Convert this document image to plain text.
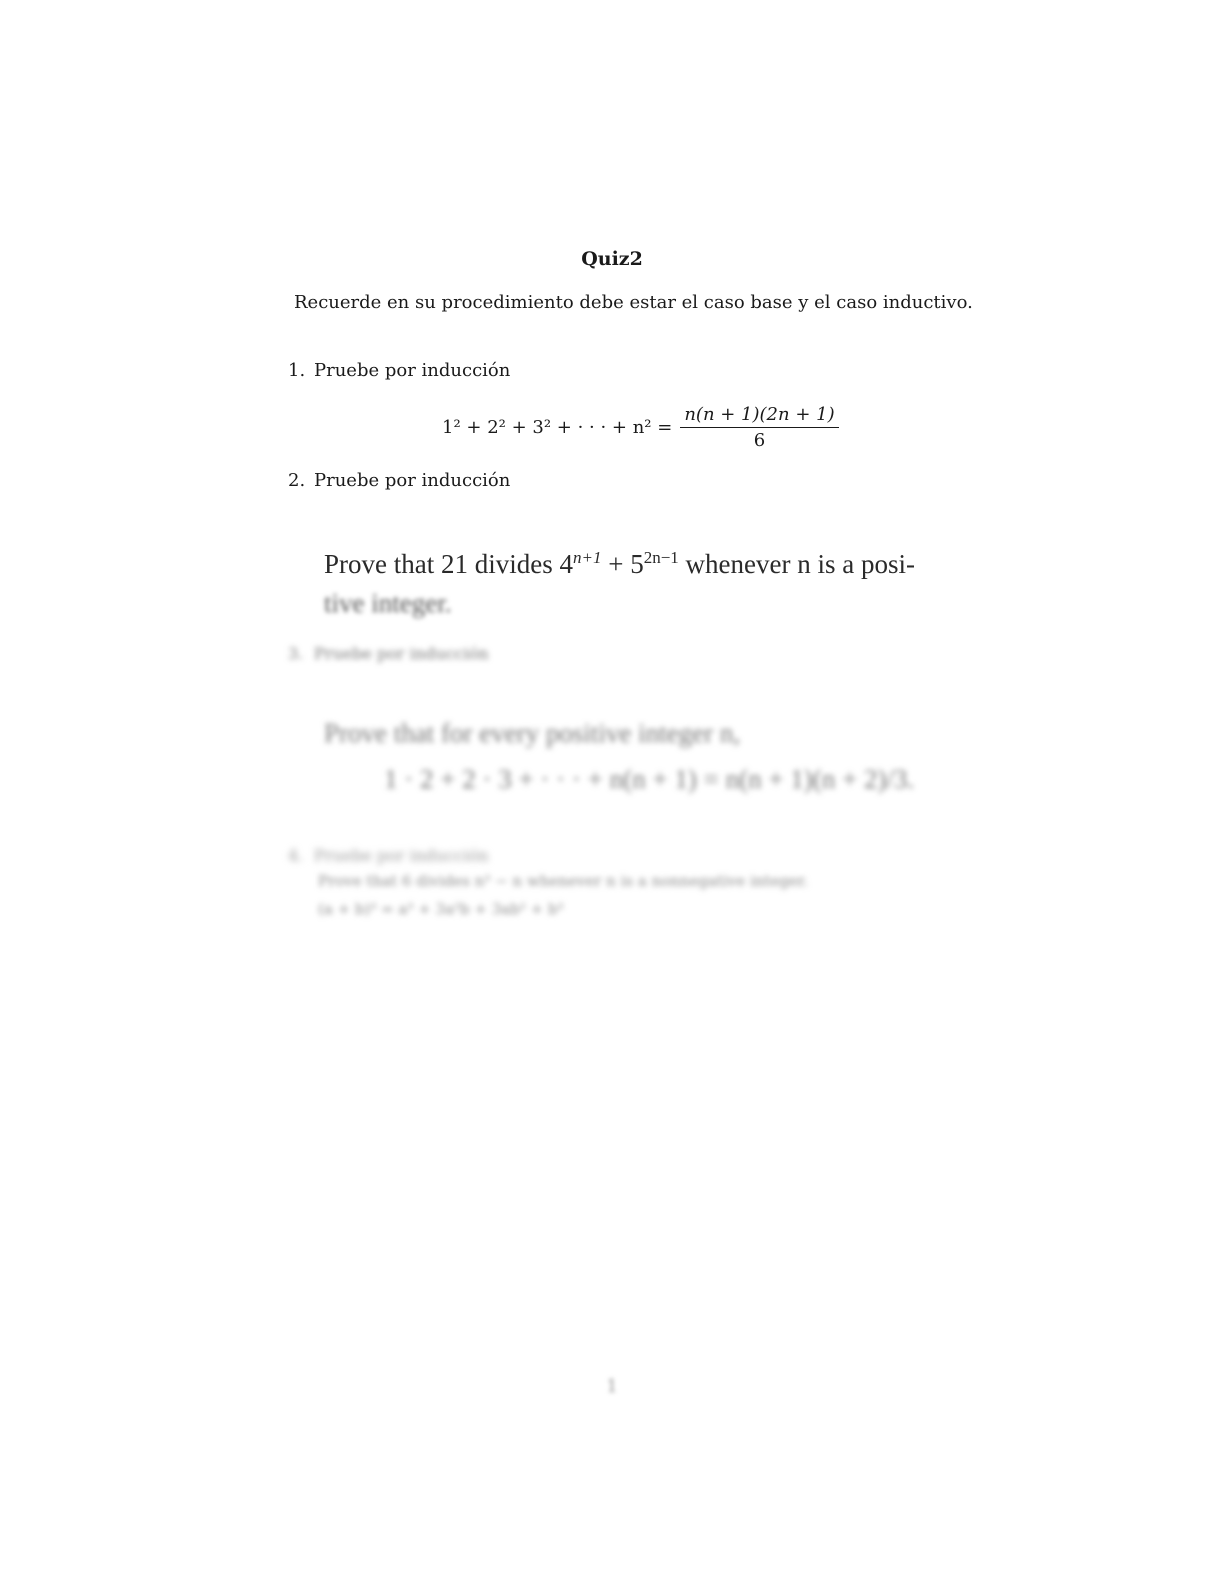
Quiz2
Recuerde en su procedimiento debe estar el caso base y el caso inductivo.
1. Pruebe por inducción
1² + 2² + 3² + · · · + $n^2 = \frac{n(n + 1)(2n + 1)}{6}$
2. Pruebe por inducción
Prove that 21 divides $4^{n+1} + 5^{2n-1}$ whenever n is a posi-
tive integer.
3. Pruebe por inducción
Prove that for every positive integer n,
1 · 2 + 2 · 3 + · · · + n(n + 1) = n(n + 1)(n + 2)/3.
4. Pruebe por inducción
Prove that 6 divides n³ − n whenever n is a nonnegative integer.
(a + b)³ = a³ + 3a²b + 3ab² + b³
1
